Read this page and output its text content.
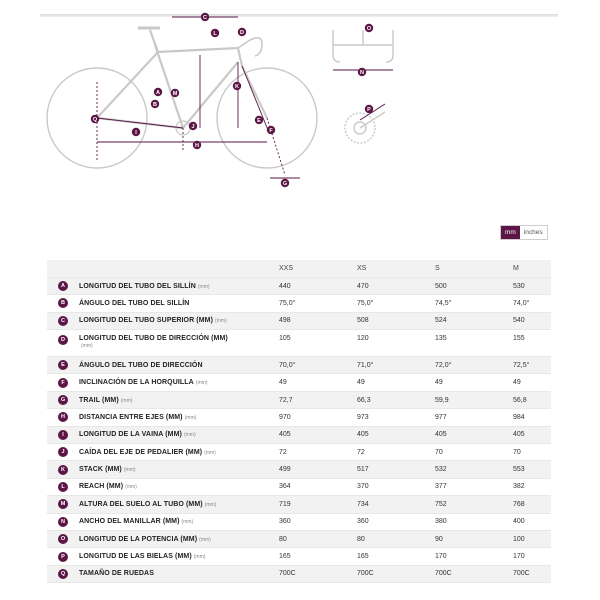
A
B
C
D
E
F
G
H
I
J
K
L
M
N
O
P
Q
mm	inches
		XXS	XS	S	M
A	LONGITUD DEL TUBO DEL SILLÍN (mm)	440	470	500	530
B	ÁNGULO DEL TUBO DEL SILLÍN	75,0°	75,0°	74,5°	74,0°
C	LONGITUD DEL TUBO SUPERIOR (MM) (mm)	498	508	524	540
D	LONGITUD DEL TUBO DE DIRECCIÓN (MM)
(mm)	105	120	135	155
E	ÁNGULO DEL TUBO DE DIRECCIÓN	70,0°	71,0°	72,0°	72,5°
F	INCLINACIÓN DE LA HORQUILLA (mm)	49	49	49	49
G	TRAIL (MM) (mm)	72,7	66,3	59,9	56,8
H	DISTANCIA ENTRE EJES (MM) (mm)	970	973	977	984
I	LONGITUD DE LA VAINA (MM) (mm)	405	405	405	405
J	CAÍDA DEL EJE DE PEDALIER (MM) (mm)	72	72	70	70
K	STACK (MM) (mm)	499	517	532	553
L	REACH (MM) (mm)	364	370	377	382
M	ALTURA DEL SUELO AL TUBO (MM) (mm)	719	734	752	768
N	ANCHO DEL MANILLAR (MM) (mm)	360	360	380	400
O	LONGITUD DE LA POTENCIA (MM) (mm)	80	80	90	100
P	LONGITUD DE LAS BIELAS (MM) (mm)	165	165	170	170
Q	TAMAÑO DE RUEDAS	700C	700C	700C	700C
